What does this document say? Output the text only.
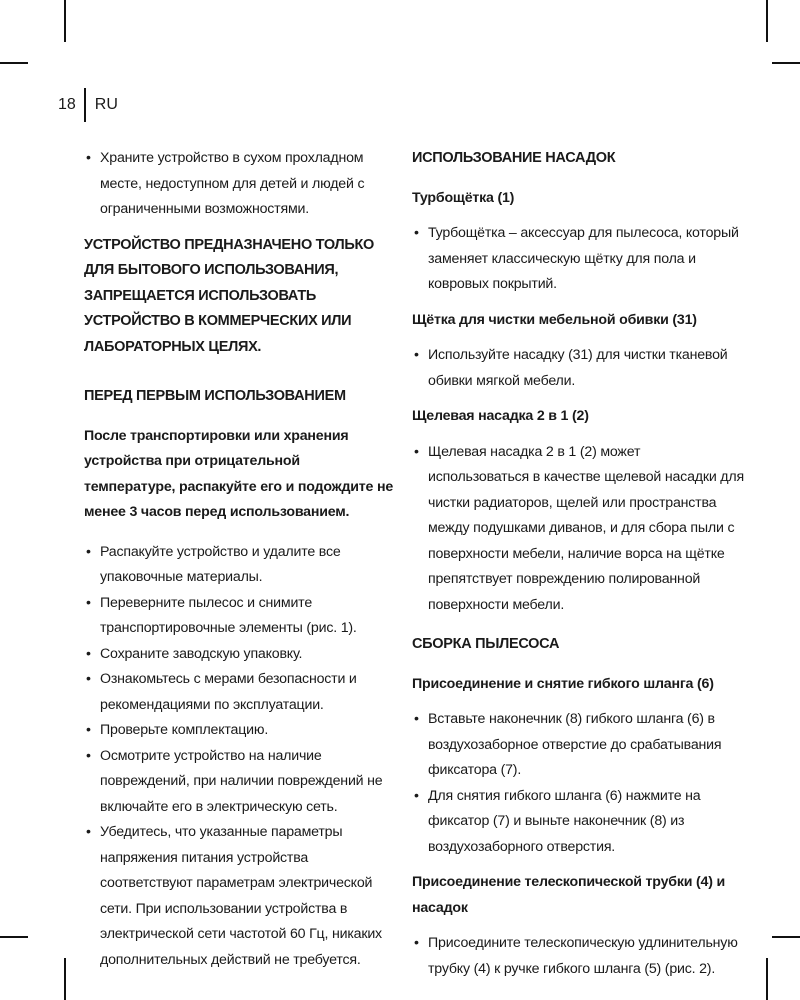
18	RU
• Храните устройство в сухом прохладном месте, недоступном для детей и людей с ограниченными возможностями.

УСТРОЙСТВО ПРЕДНАЗНАЧЕНО ТОЛЬКО ДЛЯ БЫТОВОГО ИСПОЛЬЗОВАНИЯ, ЗАПРЕЩАЕТСЯ ИСПОЛЬЗОВАТЬ УСТРОЙСТВО В КОММЕРЧЕСКИХ ИЛИ ЛАБОРАТОРНЫХ ЦЕЛЯХ.

ПЕРЕД ПЕРВЫМ ИСПОЛЬЗОВАНИЕМ

После транспортировки или хранения устройства при отрицательной температуре, распакуйте его и подождите не менее 3 часов перед использованием.

• Распакуйте устройство и удалите все упаковочные материалы.
• Переверните пылесос и снимите транспортировочные элементы (рис. 1).
• Сохраните заводскую упаковку.
• Ознакомьтесь с мерами безопасности и рекомендациями по эксплуатации.
• Проверьте комплектацию.
• Осмотрите устройство на наличие повреждений, при наличии повреждений не включайте его в электрическую сеть.
• Убедитесь, что указанные параметры напряжения питания устройства соответствуют параметрам электрической сети. При использовании устройства в электрической сети частотой 60 Гц, никаких дополнительных действий не требуется.

ИСПОЛЬЗОВАНИЕ НАСАДОК

Турбощётка (1)

• Турбощётка – аксессуар для пылесоса, который заменяет классическую щётку для пола и ковровых покрытий.

Щётка для чистки мебельной обивки (31)

• Используйте насадку (31) для чистки тканевой обивки мягкой мебели.

Щелевая насадка 2 в 1 (2)

• Щелевая насадка 2 в 1 (2) может использоваться в качестве щелевой насадки для чистки радиаторов, щелей или пространства между подушками диванов, и для сбора пыли с поверхности мебели, наличие ворса на щётке препятствует повреждению полированной поверхности мебели.

СБОРКА ПЫЛЕСОСА

Присоединение и снятие гибкого шланга (6)

• Вставьте наконечник (8) гибкого шланга (6) в воздухозаборное отверстие до срабатывания фиксатора (7).
• Для снятия гибкого шланга (6) нажмите на фиксатор (7) и выньте наконечник (8) из воздухозаборного отверстия.

Присоединение телескопической трубки (4) и насадок

• Присоедините телескопическую удлинительную трубку (4) к ручке гибкого шланга (5) (рис. 2).
